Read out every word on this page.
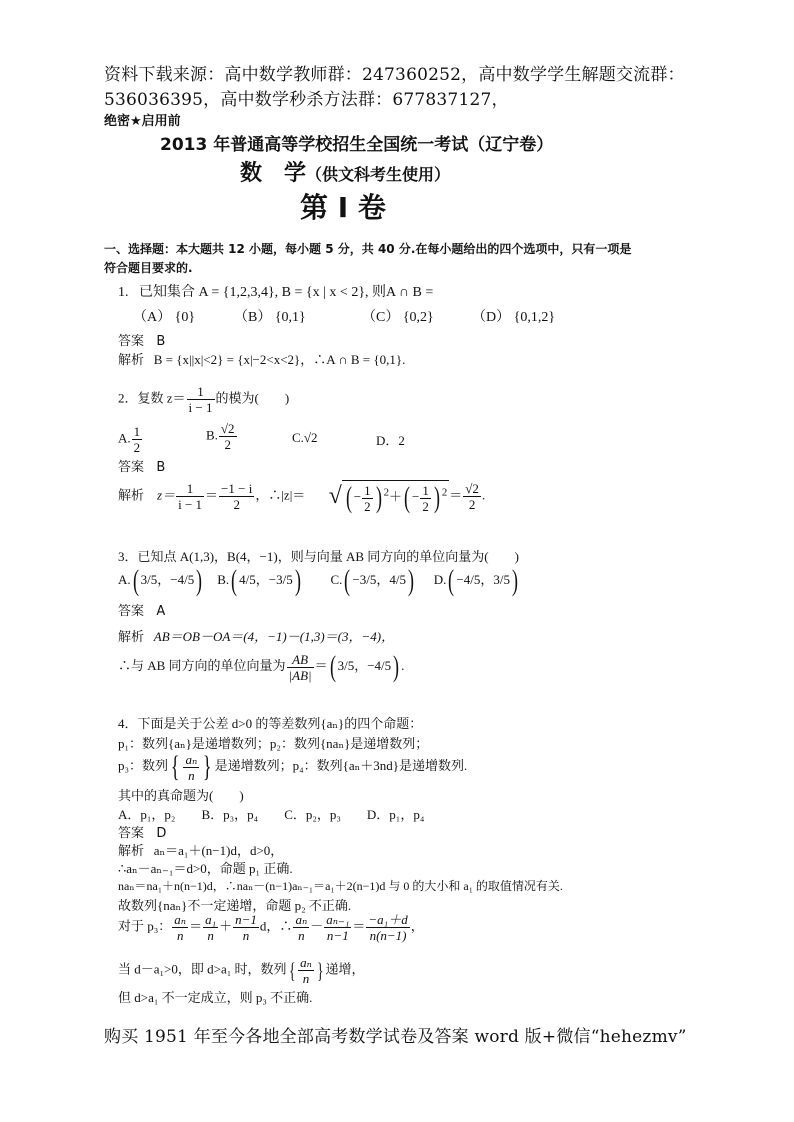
资料下载来源：高中数学教师群：247360252，高中数学学生解题交流群：
536036395，高中数学秒杀方法群：677837127，
绝密★启用前
2013 年普通高等学校招生全国统一考试（辽宁卷）
数　学（供文科考生使用）
第 I 卷
一、选择题：本大题共 12 小题，每小题 5 分，共 40 分.在每小题给出的四个选项中，只有一项是
符合题目要求的.
1. 已知集合 A = {1,2,3,4}, B = {x | x < 2}, 则A ∩ B =
（A） {0}	（B） {0,1}	（C） {0,2}	（D） {0,1,2}
答案 B
解析 B = {x||x|<2} = {x|−2<x<2}，∴A ∩ B = {0,1}.
2．复数 $z= \frac{1}{i - 1}$ 的模为(　　)
A. $\frac{1}{2}$	B. $\frac{√2}{2}$	C.√2	D．2
答案 B
解析 $z= \frac{1}{i - 1} = \frac{-1 - i}{2}$ ，∴|z|＝ √ ( − $\frac{1}{2}$ ) $^2+( - \frac{1}{2}$ ) $^2 = \frac{√2}{2}$ .
3．已知点 A(1,3)，B(4，−1)，则与向量 AB 同方向的单位向量为(　　)
A.( 3/5，−4/5) B.( 4/5，−3/5) C.( −3/5，4/5) D.( −4/5，3/5)
答案 A
解析 AB＝OB－OA＝(4，−1)－(1,3)＝(3，−4)，
∴与 AB 同方向的单位向量为 $\frac{AB}{|AB|}$ ＝( 3/5，−4/5) .
4．下面是关于公差 d>0 的等差数列{aₙ}的四个命题：
p₁：数列{aₙ}是递增数列；p₂：数列{naₙ}是递增数列；
p₃：数列{ $\frac{\text{aₙ}}{n}$ } 是递增数列；p₄：数列{aₙ＋3nd}是递增数列.
其中的真命题为(　　)
A．p₁，p₂　　B．p₃，p₄　　C．p₂，p₃　　D．p₁，p₄
答案 D
解析 aₙ＝a₁＋(n−1)d，d>0，
∴aₙ－aₙ₋₁＝d>0，命题 p₁ 正确.
naₙ＝na₁＋n(n−1)d，∴naₙ－(n−1)aₙ₋₁＝a₁＋2(n−1)d 与 0 的大小和 a₁ 的取值情况有关.
故数列{naₙ}不一定递增，命题 p₂ 不正确.
对于 p₃： $\frac{\text{aₙ}}{n} = \frac{\text{a₁}}{n} + \frac{n-1}{n}$ d，∴ $\frac{\text{aₙ}}{n} - \frac{\text{aₙ₋₁}}{n-1} = \frac{\text{−a₁＋d}}{n(n-1)}$ ，
当 d－a₁>0，即 d>a₁ 时，数列{ $\frac{\text{aₙ}}{n}$ } 递增，
但 d>a₁ 不一定成立，则 p₃ 不正确.
购买 1951 年至今各地全部高考数学试卷及答案 word 版+微信“hehezmv”
